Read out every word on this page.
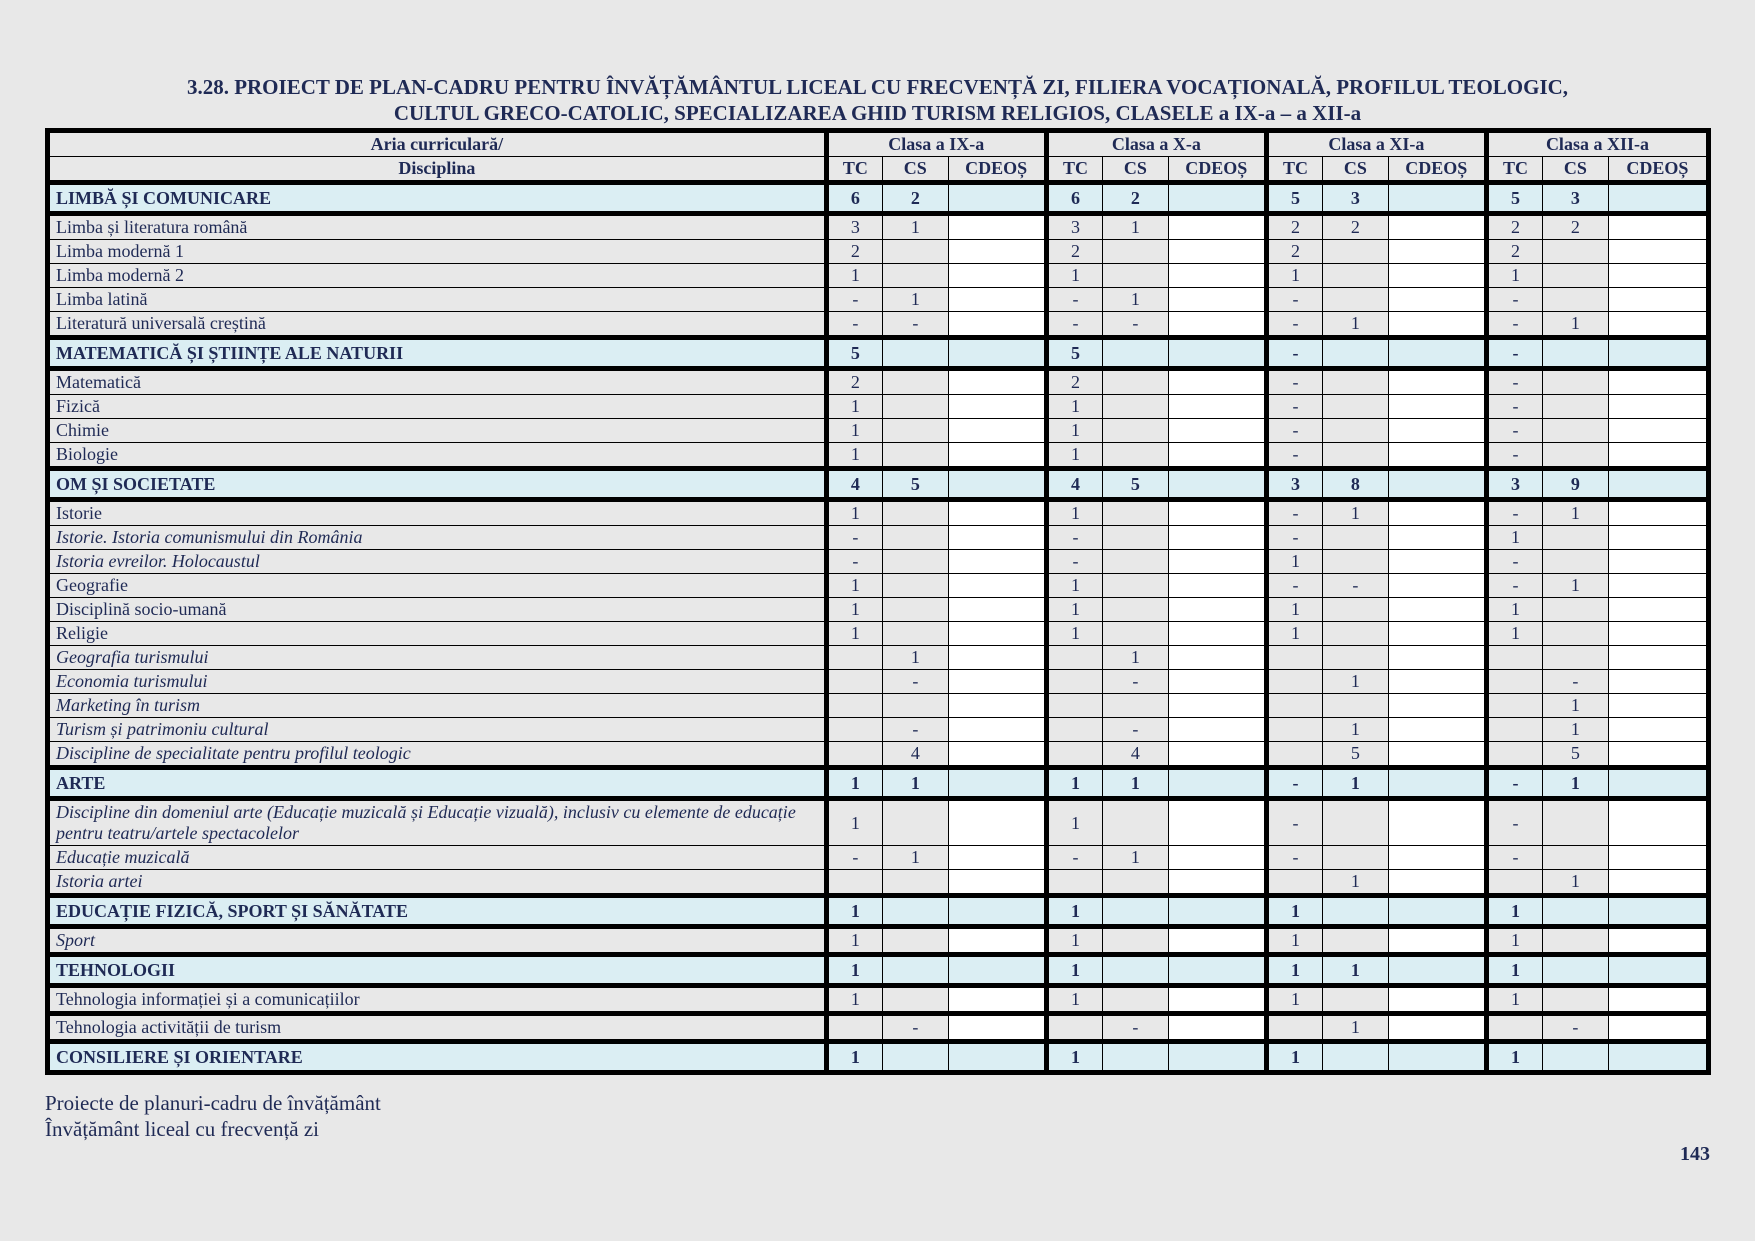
3.28. PROIECT DE PLAN-CADRU PENTRU ÎNVĂȚĂMÂNTUL LICEAL CU FRECVENȚĂ ZI, FILIERA VOCAȚIONALĂ, PROFILUL TEOLOGIC,
CULTUL GRECO-CATOLIC, SPECIALIZAREA GHID TURISM RELIGIOS, CLASELE a IX-a – a XII-a
Aria curriculară/	Clasa a IX-a			Clasa a X-a			Clasa a XI-a			Clasa a XII-a		
Disciplina	TC	CS	CDEOȘ	TC	CS	CDEOȘ	TC	CS	CDEOȘ	TC	CS	CDEOȘ
LIMBĂ ȘI COMUNICARE	6	2		6	2		5	3		5	3	
Limba și literatura română	3	1		3	1		2	2		2	2	
Limba modernă 1	2			2			2			2		
Limba modernă 2	1			1			1			1		
Limba latină	-	1		-	1		-			-		
Literatură universală creștină	-	-		-	-		-	1		-	1	
MATEMATICĂ ȘI ȘTIINȚE ALE NATURII	5			5			-			-		
Matematică	2			2			-			-		
Fizică	1			1			-			-		
Chimie	1			1			-			-		
Biologie	1			1			-			-		
OM ȘI SOCIETATE	4	5		4	5		3	8		3	9	
Istorie	1			1			-	1		-	1	
Istorie. Istoria comunismului din România	-			-			-			1		
Istoria evreilor. Holocaustul	-			-			1			-		
Geografie	1			1			-	-		-	1	
Disciplină socio-umană	1			1			1			1		
Religie	1			1			1			1		
Geografia turismului		1			1							
Economia turismului		-			-			1			-	
Marketing în turism											1	
Turism și patrimoniu cultural		-			-			1			1	
Discipline de specialitate pentru profilul teologic		4			4			5			5	
ARTE	1	1		1	1		-	1		-	1	
Discipline din domeniul arte (Educație muzicală și Educație vizuală), inclusiv cu elemente de educație pentru teatru/artele spectacolelor	1			1			-			-		
Educație muzicală	-	1		-	1		-			-		
Istoria artei								1			1	
EDUCAȚIE FIZICĂ, SPORT ȘI SĂNĂTATE	1			1			1			1		
Sport	1			1			1			1		
TEHNOLOGII	1			1			1	1		1		
Tehnologia informației și a comunicațiilor	1			1			1			1		
Tehnologia activității de turism		-			-			1			-	
CONSILIERE ȘI ORIENTARE	1			1			1			1		
Proiecte de planuri-cadru de învățământ
Învățământ liceal cu frecvență zi
143
